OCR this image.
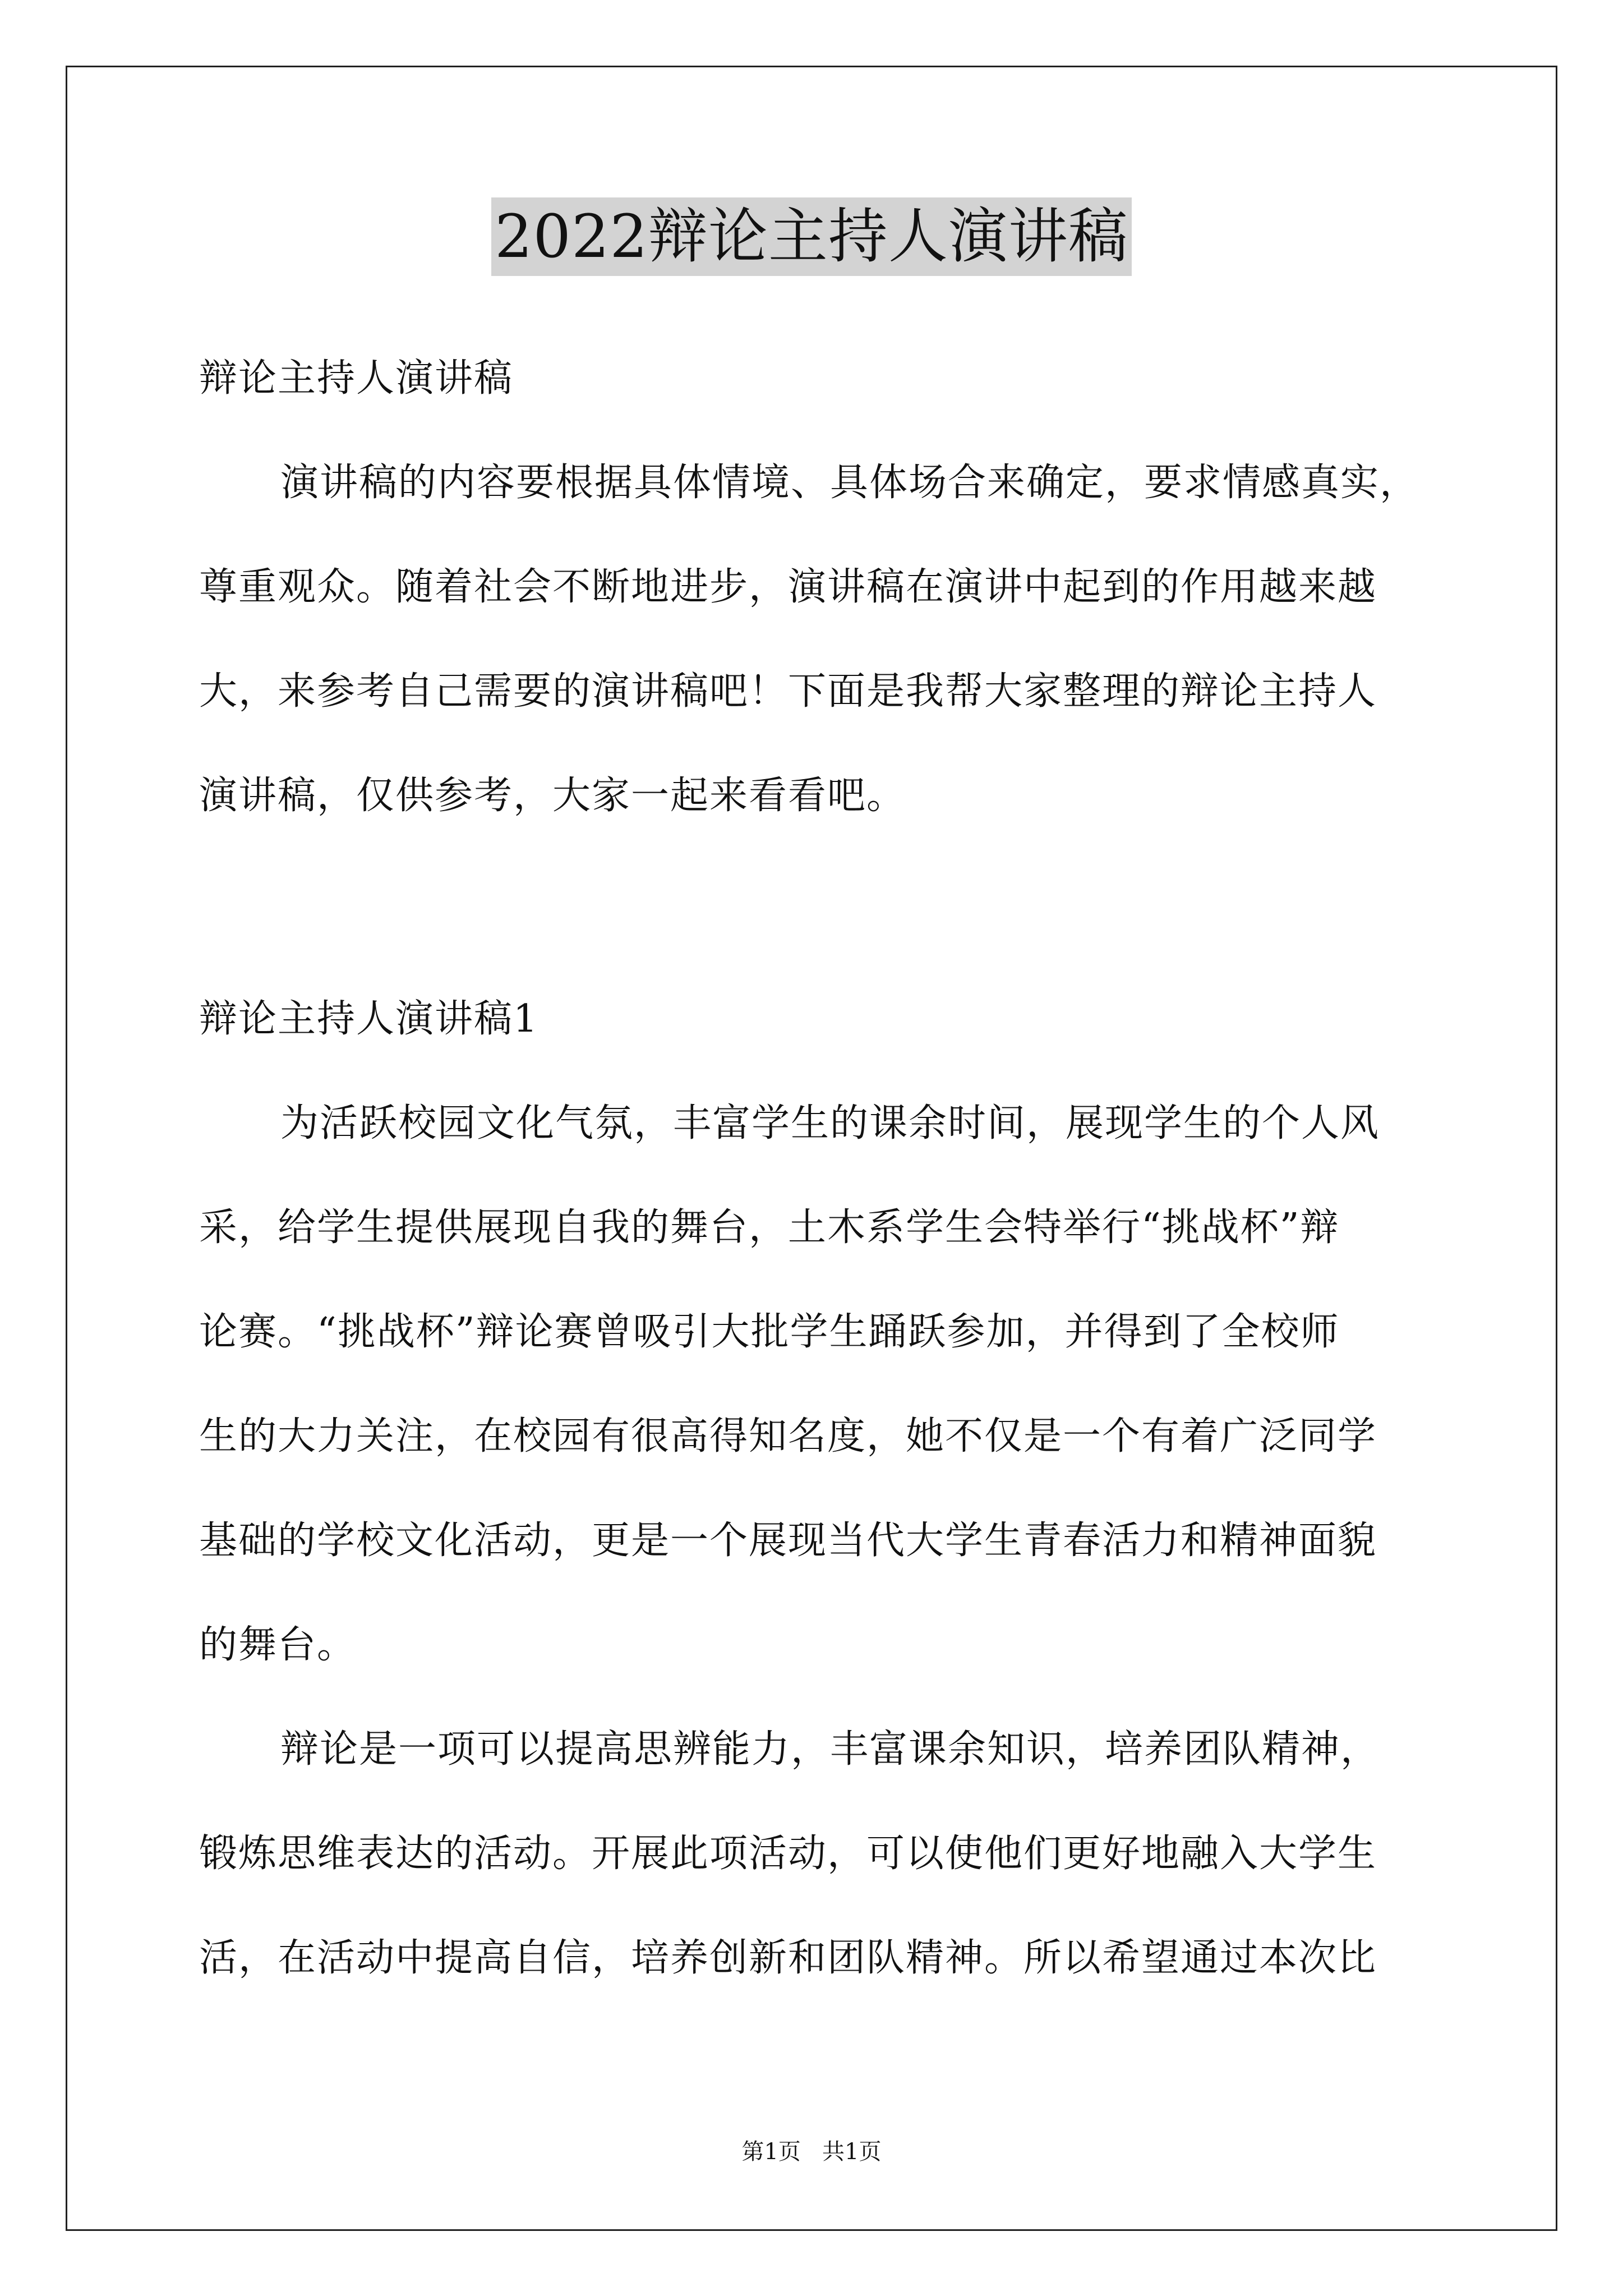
2022辩论主持人演讲稿
辩论主持人演讲稿
演讲稿的内容要根据具体情境、具体场合来确定，要求情感真实，
尊重观众。随着社会不断地进步，演讲稿在演讲中起到的作用越来越
大，来参考自己需要的演讲稿吧！下面是我帮大家整理的辩论主持人
演讲稿，仅供参考，大家一起来看看吧。
辩论主持人演讲稿1
为活跃校园文化气氛，丰富学生的课余时间，展现学生的个人风
采，给学生提供展现自我的舞台，土木系学生会特举行“挑战杯”辩
论赛。“挑战杯”辩论赛曾吸引大批学生踊跃参加，并得到了全校师
生的大力关注，在校园有很高得知名度，她不仅是一个有着广泛同学
基础的学校文化活动，更是一个展现当代大学生青春活力和精神面貌
的舞台。
辩论是一项可以提高思辨能力，丰富课余知识，培养团队精神，
锻炼思维表达的活动。开展此项活动，可以使他们更好地融入大学生
活，在活动中提高自信，培养创新和团队精神。所以希望通过本次比
第1页   共1页
